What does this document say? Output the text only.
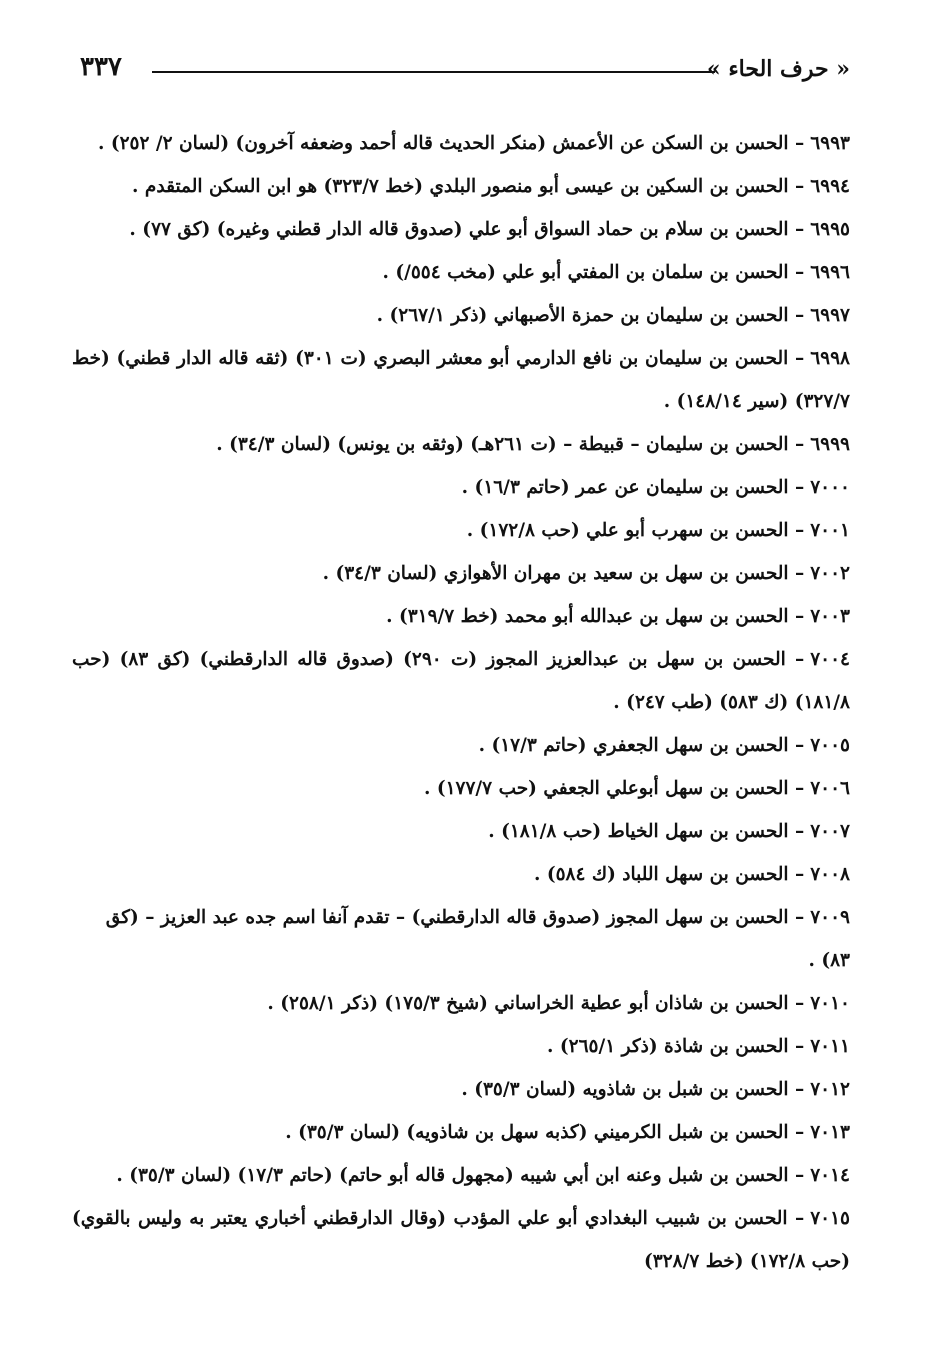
« حرف الحاء »
٣٣٧
٦٩٩٣– الحسن بن السكن عن الأعمش (منكر الحديث قاله أحمد وضعفه آخرون) (لسان ٢/ ٢٥٢) .
٦٩٩٤– الحسن بن السكين بن عيسى أبو منصور البلدي (خط ٣٢٣/٧) هو ابن السكن المتقدم .
٦٩٩٥– الحسن بن سلام بن حماد السواق أبو علي (صدوق قاله الدار قطني وغيره) (كق ٧٧) .
٦٩٩٦– الحسن بن سلمان بن المفتي أبو علي (مخب ٥٥٤/) .
٦٩٩٧– الحسن بن سليمان بن حمزة الأصبهاني (ذكر ٢٦٧/١) .
٦٩٩٨– الحسن بن سليمان بن نافع الدارمي أبو معشر البصري (ت ٣٠١) (ثقه قاله الدار قطني) (خط ٣٢٧/٧) (سير ١٤٨/١٤) .
٦٩٩٩– الحسن بن سليمان – قبيطة – (ت ٢٦١هـ) (وثقه بن يونس) (لسان ٣٤/٣) .
٧٠٠٠– الحسن بن سليمان عن عمر (حاتم ١٦/٣) .
٧٠٠١– الحسن بن سهرب أبو علي (حب ١٧٢/٨) .
٧٠٠٢– الحسن بن سهل بن سعيد بن مهران الأهوازي (لسان ٣٤/٣) .
٧٠٠٣– الحسن بن سهل بن عبدالله أبو محمد (خط ٣١٩/٧) .
٧٠٠٤– الحسن بن سهل بن عبدالعزيز المجوز (ت ٢٩٠) (صدوق قاله الدارقطني) (كق ٨٣) (حب ١٨١/٨) (ك ٥٨٣) (طب ٢٤٧) .
٧٠٠٥– الحسن بن سهل الجعفري (حاتم ١٧/٣) .
٧٠٠٦– الحسن بن سهل أبوعلي الجعفي (حب ١٧٧/٧) .
٧٠٠٧– الحسن بن سهل الخياط (حب ١٨١/٨) .
٧٠٠٨– الحسن بن سهل اللباد (ك ٥٨٤) .
٧٠٠٩– الحسن بن سهل المجوز (صدوق قاله الدارقطني) – تقدم آنفا اسم جده عبد العزيز – (كق ٨٣) .
٧٠١٠– الحسن بن شاذان أبو عطية الخراساني (شيخ ١٧٥/٣) (ذكر ٢٥٨/١) .
٧٠١١– الحسن بن شاذة (ذكر ٢٦٥/١) .
٧٠١٢– الحسن بن شبل بن شاذويه (لسان ٣٥/٣) .
٧٠١٣– الحسن بن شبل الكرميني (كذبه سهل بن شاذويه) (لسان ٣٥/٣) .
٧٠١٤– الحسن بن شبل وعنه ابن أبي شيبه (مجهول قاله أبو حاتم) (حاتم ١٧/٣) (لسان ٣٥/٣) .
٧٠١٥– الحسن بن شبيب البغدادي أبو علي المؤدب (وقال الدارقطني أخباري يعتبر به وليس بالقوي) (حب ١٧٢/٨) (خط ٣٢٨/٧)
